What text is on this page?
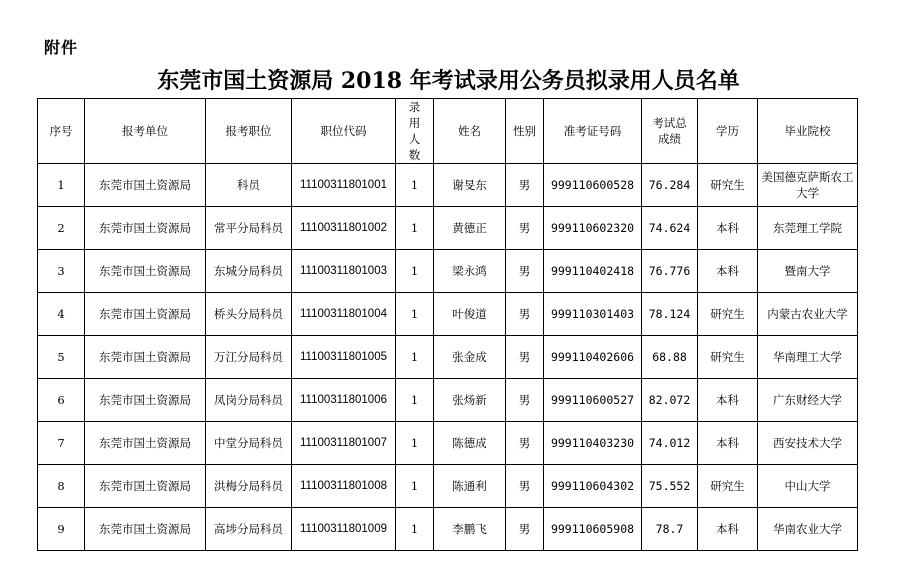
附件
东莞市国土资源局 2018 年考试录用公务员拟录用人员名单
序号	报考单位	报考职位	职位代码	录用人数	姓名	性别	准考证号码	考试总成绩	学历	毕业院校
1	东莞市国土资源局	科员	11100311801001	1	谢旻东	男	999110600528	76.284	研究生	美国德克萨斯农工大学
2	东莞市国土资源局	常平分局科员	11100311801002	1	黄德正	男	999110602320	74.624	本科	东莞理工学院
3	东莞市国土资源局	东城分局科员	11100311801003	1	梁永鸿	男	999110402418	76.776	本科	暨南大学
4	东莞市国土资源局	桥头分局科员	11100311801004	1	叶俊道	男	999110301403	78.124	研究生	内蒙古农业大学
5	东莞市国土资源局	万江分局科员	11100311801005	1	张金成	男	999110402606	68.88	研究生	华南理工大学
6	东莞市国土资源局	凤岗分局科员	11100311801006	1	张炀新	男	999110600527	82.072	本科	广东财经大学
7	东莞市国土资源局	中堂分局科员	11100311801007	1	陈德成	男	999110403230	74.012	本科	西安技术大学
8	东莞市国土资源局	洪梅分局科员	11100311801008	1	陈通利	男	999110604302	75.552	研究生	中山大学
9	东莞市国土资源局	高埗分局科员	11100311801009	1	李鹏飞	男	999110605908	78.7	本科	华南农业大学
